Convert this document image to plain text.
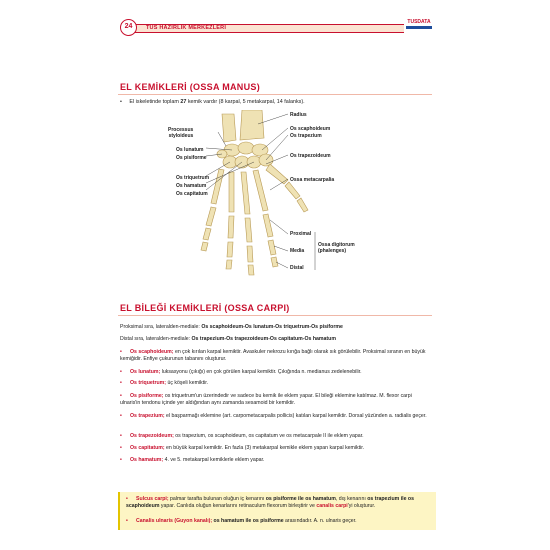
24	TUS HAZIRLIK MERKEZLERİ
TUSDATA
EL KEMİKLERİ (OSSA MANUS)
• El iskeletinde toplam 27 kemik vardır (8 karpal, 5 metakarpal, 14 falanks).
Processus
styloideus
Os lunatum
Os pisiforme
Os triquetrum
Os hamatum
Os capitatum
Radius
Os scaphoideum
Os trapezium
Os trapezoideum
Ossa metacarpalia
Proximal
Media
Distal
Ossa digitorum (phalenges)
EL BİLEĞİ KEMİKLERİ (OSSA CARPI)
Proksimal sıra, lateralden-mediale: Os scaphoideum-Os lunatum-Os triquetrum-Os pisiforme
Distal sıra, lateralden-mediale: Os trapezium-Os trapezoideum-Os capitatum-Os hamatum
• Os scaphoideum; en çok kırılan karpal kemiktir. Avaskuler nekrozu kırığa bağlı olarak sık görülebilir. Proksimal sıranın en büyük kemiğidir. Enfiye çukurunun tabanını oluşturur.
• Os lunatum; luksasyonu (çıkığı) en çok görülen karpal kemiktir. Çıkığında n. medianus zedelenebilir.
• Os triquetrum; üç köşeli kemiktir.
• Os pisiforme; os triquetrum'un üzerindedir ve sadece bu kemik ile eklem yapar. El bileği eklemine katılmaz. M. flexor carpi ulnaris'in tendonu içinde yer aldığından aynı zamanda sesamoid bir kemiktir.
• Os trapezium; el başparmağı eklemine (art. carpometacarpalis pollicis) katılan karpal kemiktir. Dorsal yüzünden a. radialis geçer.
• Os trapezoideum; os trapezium, os scaphoideum, os capitatum ve os metacarpale II ile eklem yapar.
• Os capitatum; en büyük karpal kemiktir. En fazla (3) metakarpal kemikle eklem yapan karpal kemiktir.
• Os hamatum; 4. ve 5. metakarpal kemiklerle eklem yapar.
• Sulcus carpi; palmar tarafta bulunan oluğun iç kenarını os pisiforme ile os hamatum, dış kenarını os trapezium ile os scaphoideum yapar. Canlıda oluğun kenarlarını retinaculum flexorum birleştirir ve canalis carpi'yi oluşturur.
• Canalis ulnaris (Guyon kanalı); os hamatum ile os pisiforme arasındadır. A. n. ulnaris geçer.
